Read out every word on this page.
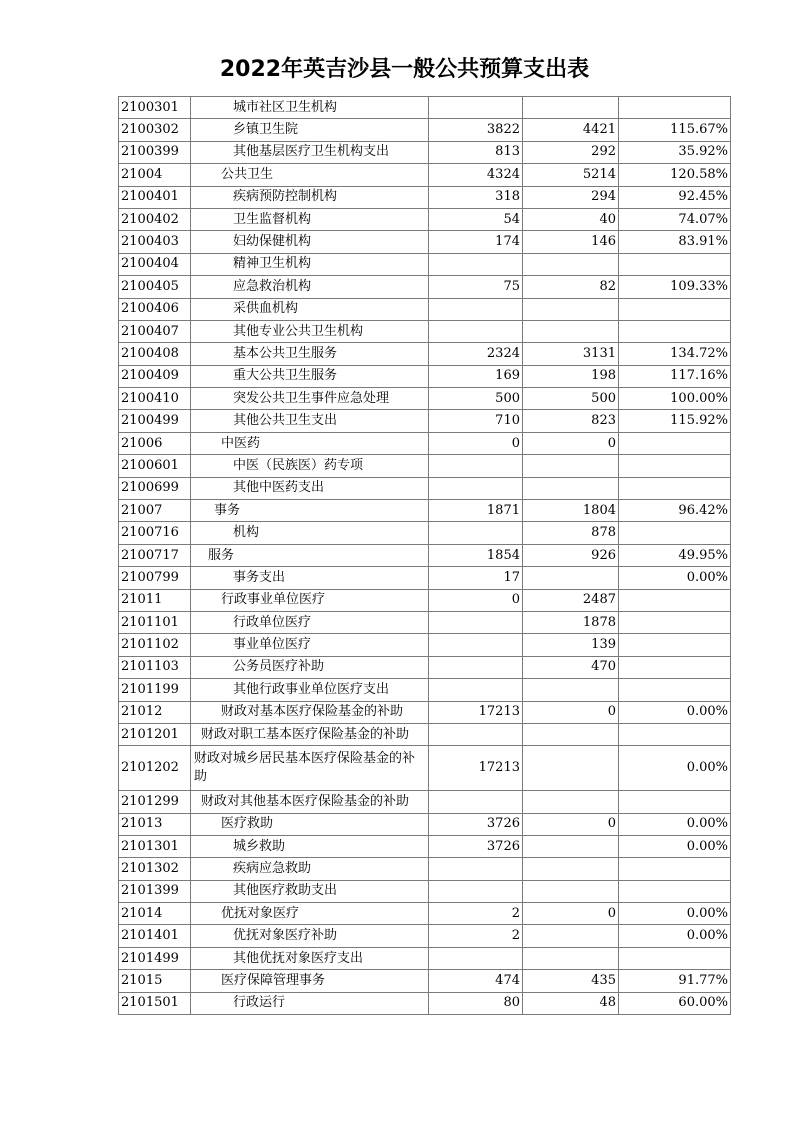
2022年英吉沙县一般公共预算支出表
2100301	城市社区卫生机构			
2100302	乡镇卫生院	3822	4421	115.67%
2100399	其他基层医疗卫生机构支出	813	292	35.92%
21004	公共卫生	4324	5214	120.58%
2100401	疾病预防控制机构	318	294	92.45%
2100402	卫生监督机构	54	40	74.07%
2100403	妇幼保健机构	174	146	83.91%
2100404	精神卫生机构			
2100405	应急救治机构	75	82	109.33%
2100406	采供血机构			
2100407	其他专业公共卫生机构			
2100408	基本公共卫生服务	2324	3131	134.72%
2100409	重大公共卫生服务	169	198	117.16%
2100410	突发公共卫生事件应急处理	500	500	100.00%
2100499	其他公共卫生支出	710	823	115.92%
21006	中医药	0	0	
2100601	中医（民族医）药专项			
2100699	其他中医药支出			
21007	事务	1871	1804	96.42%
2100716	机构		878	
2100717	服务	1854	926	49.95%
2100799	事务支出	17		0.00%
21011	行政事业单位医疗	0	2487	
2101101	行政单位医疗		1878	
2101102	事业单位医疗		139	
2101103	公务员医疗补助		470	
2101199	其他行政事业单位医疗支出			
21012	财政对基本医疗保险基金的补助	17213	0	0.00%
2101201	财政对职工基本医疗保险基金的补助			
2101202	财政对城乡居民基本医疗保险基金的补助	17213		0.00%
2101299	财政对其他基本医疗保险基金的补助			
21013	医疗救助	3726	0	0.00%
2101301	城乡救助	3726		0.00%
2101302	疾病应急救助			
2101399	其他医疗救助支出			
21014	优抚对象医疗	2	0	0.00%
2101401	优抚对象医疗补助	2		0.00%
2101499	其他优抚对象医疗支出			
21015	医疗保障管理事务	474	435	91.77%
2101501	行政运行	80	48	60.00%
